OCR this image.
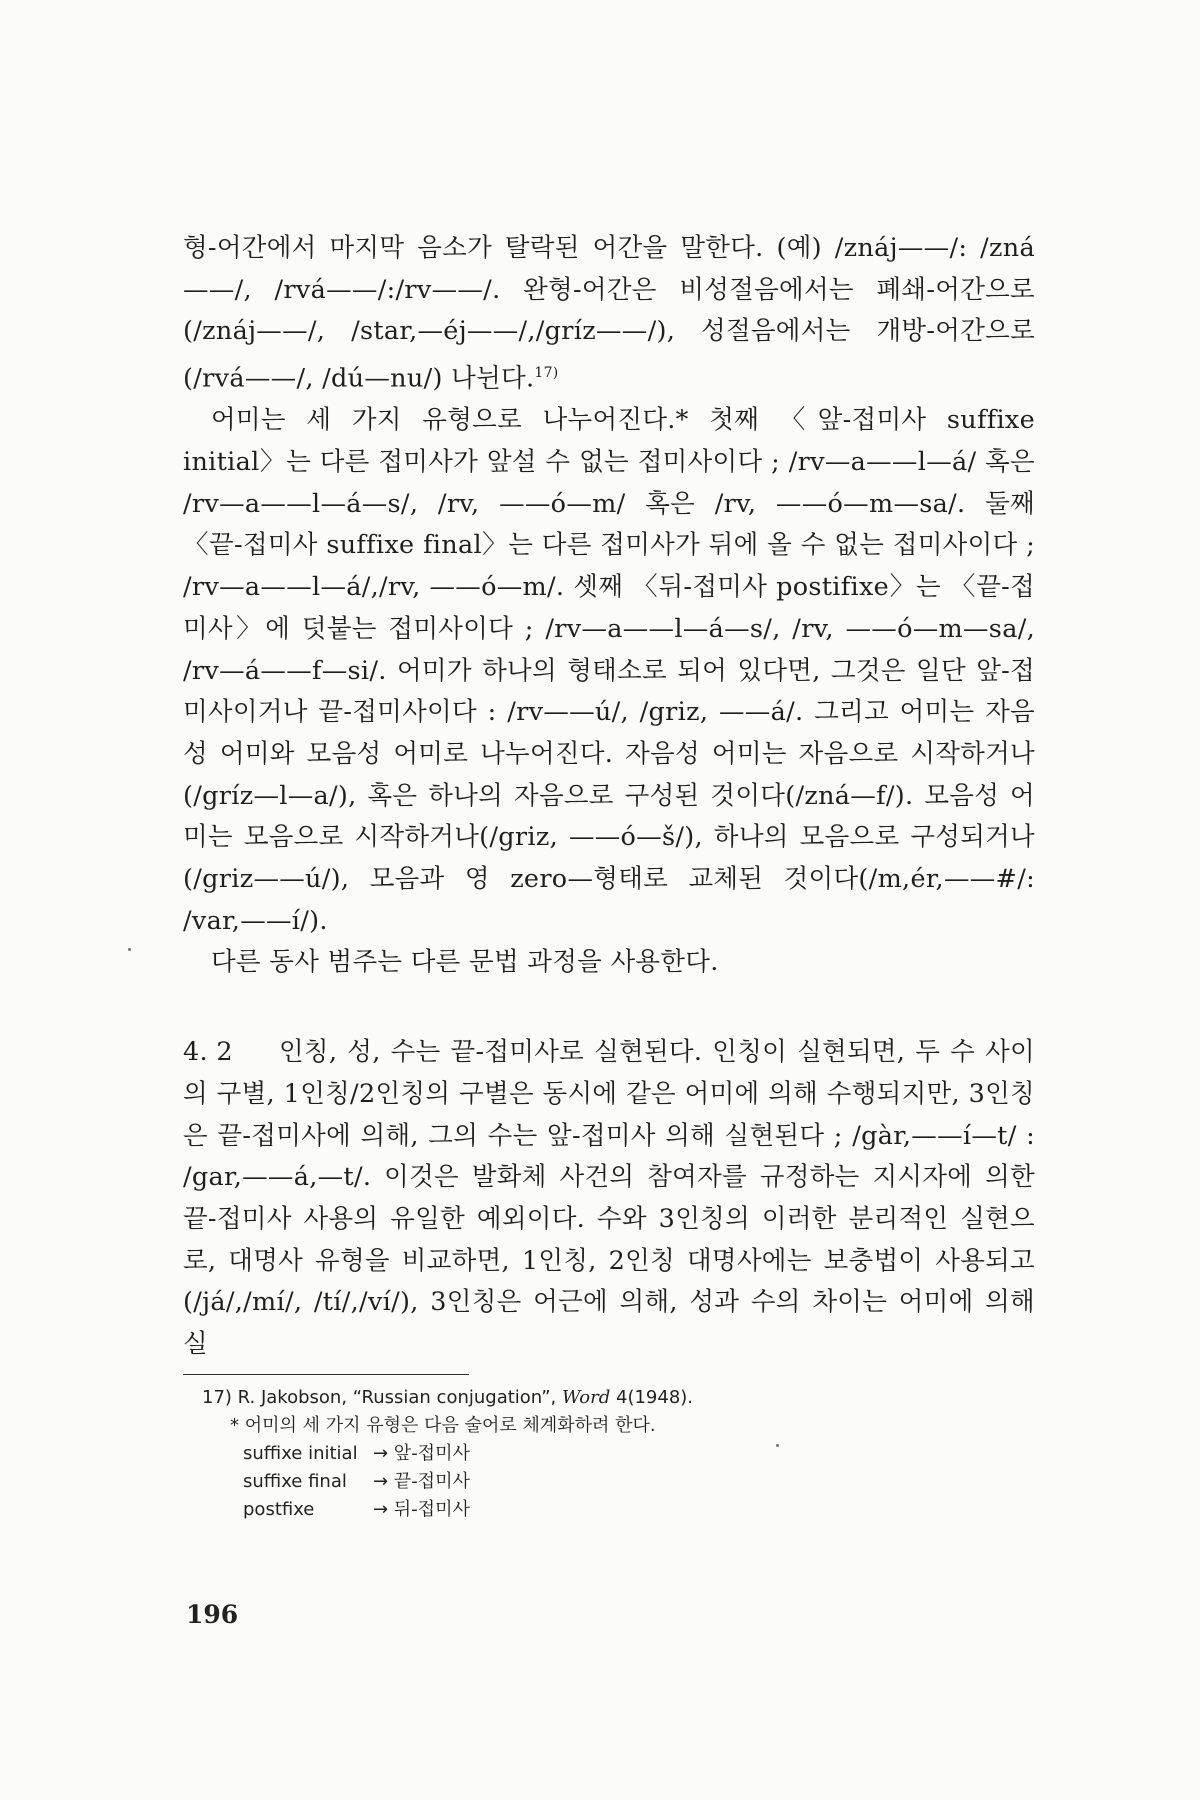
형-어간에서 마지막 음소가 탈락된 어간을 말한다. (예) /znáj——/: /zná——/, /rvá——/:/rv——/. 완형-어간은 비성절음에서는 폐쇄-어간으로 (/znáj——/, /star,—éj——/,/gríz——/), 성절음에서는 개방-어간으로(/rvá——/, /dú—nu/) 나뉜다.$^{17)}$

어미는 세 가지 유형으로 나누어진다.* 첫째 〈앞-접미사 suffixe initial〉는 다른 접미사가 앞설 수 없는 접미사이다 ; /rv—a——l—á/ 혹은 /rv—a——l—á—s/, /rv, ——ó—m/ 혹은 /rv, ——ó—m—sa/. 둘째 〈끝-접미사 suffixe final〉는 다른 접미사가 뒤에 올 수 없는 접미사이다 ; /rv—a——l—á/,/rv, ——ó—m/. 셋째 〈뒤-접미사 postifixe〉는 〈끝-접미사〉에 덧붙는 접미사이다 ; /rv—a——l—á—s/, /rv, ——ó—m—sa/, /rv—á——f—si/. 어미가 하나의 형태소로 되어 있다면, 그것은 일단 앞-접미사이거나 끝-접미사이다 : /rv——ú/, /griz, ——á/. 그리고 어미는 자음성 어미와 모음성 어미로 나누어진다. 자음성 어미는 자음으로 시작하거나(/gríz—l—a/), 혹은 하나의 자음으로 구성된 것이다(/zná—f/). 모음성 어미는 모음으로 시작하거나(/griz, ——ó—š/), 하나의 모음으로 구성되거나(/griz——ú/), 모음과 영 zero—형태로 교체된 것이다(/m,ér,——#/: /var,——í/).

다른 동사 범주는 다른 문법 과정을 사용한다.

4. 2 인칭, 성, 수는 끝-접미사로 실현된다. 인칭이 실현되면, 두 수 사이의 구별, 1인칭/2인칭의 구별은 동시에 같은 어미에 의해 수행되지만, 3인칭은 끝-접미사에 의해, 그의 수는 앞-접미사 의해 실현된다 ; /gàr,——í—t/ : /gar,——á,—t/. 이것은 발화체 사건의 참여자를 규정하는 지시자에 의한 끝-접미사 사용의 유일한 예외이다. 수와 3인칭의 이러한 분리적인 실현으로, 대명사 유형을 비교하면, 1인칭, 2인칭 대명사에는 보충법이 사용되고(/já/,/mí/, /tí/,/ví/), 3인칭은 어근에 의해, 성과 수의 차이는 어미에 의해 실

17) R. Jakobson, “Russian conjugation”, Word 4(1948).

* 어미의 세 가지 유형은 다음 술어로 체계화하려 한다.

suffixe initial → 앞-접미사
suffixe final	→ 끝-접미사
postfixe	→ 뒤-접미사
196
